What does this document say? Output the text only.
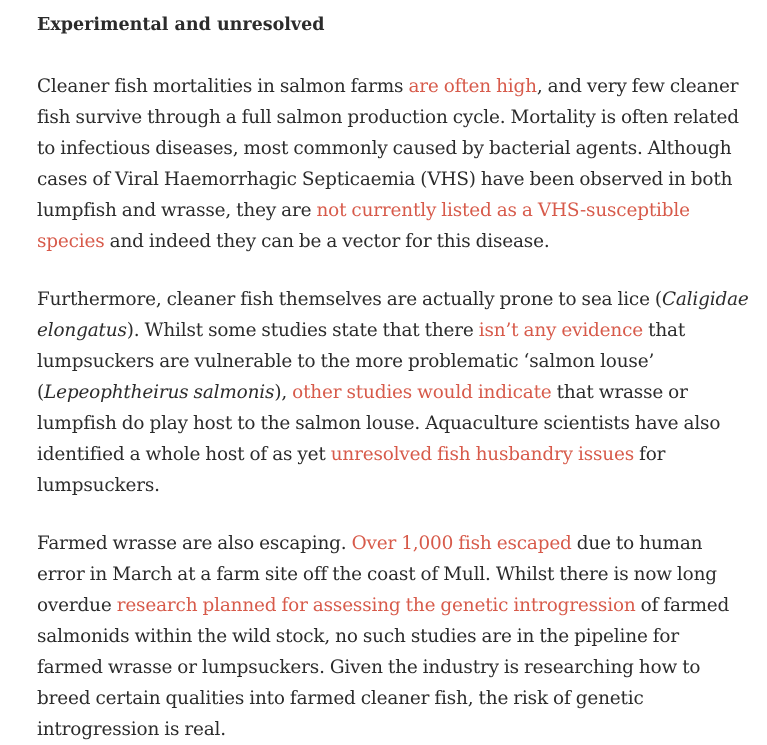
Experimental and unresolved

Cleaner fish mortalities in salmon farms are often high, and very few cleaner fish survive through a full salmon production cycle. Mortality is often related to infectious diseases, most commonly caused by bacterial agents. Although cases of Viral Haemorrhagic Septicaemia (VHS) have been observed in both lumpfish and wrasse, they are not currently listed as a VHS-susceptible species and indeed they can be a vector for this disease.

Furthermore, cleaner fish themselves are actually prone to sea lice (Caligidae elongatus). Whilst some studies state that there isn’t any evidence that lumpsuckers are vulnerable to the more problematic ‘salmon louse’ (Lepeophtheirus salmonis), other studies would indicate that wrasse or lumpfish do play host to the salmon louse. Aquaculture scientists have also identified a whole host of as yet unresolved fish husbandry issues for lumpsuckers.

Farmed wrasse are also escaping. Over 1,000 fish escaped due to human error in March at a farm site off the coast of Mull. Whilst there is now long overdue research planned for assessing the genetic introgression of farmed salmonids within the wild stock, no such studies are in the pipeline for farmed wrasse or lumpsuckers. Given the industry is researching how to breed certain qualities into farmed cleaner fish, the risk of genetic introgression is real.
